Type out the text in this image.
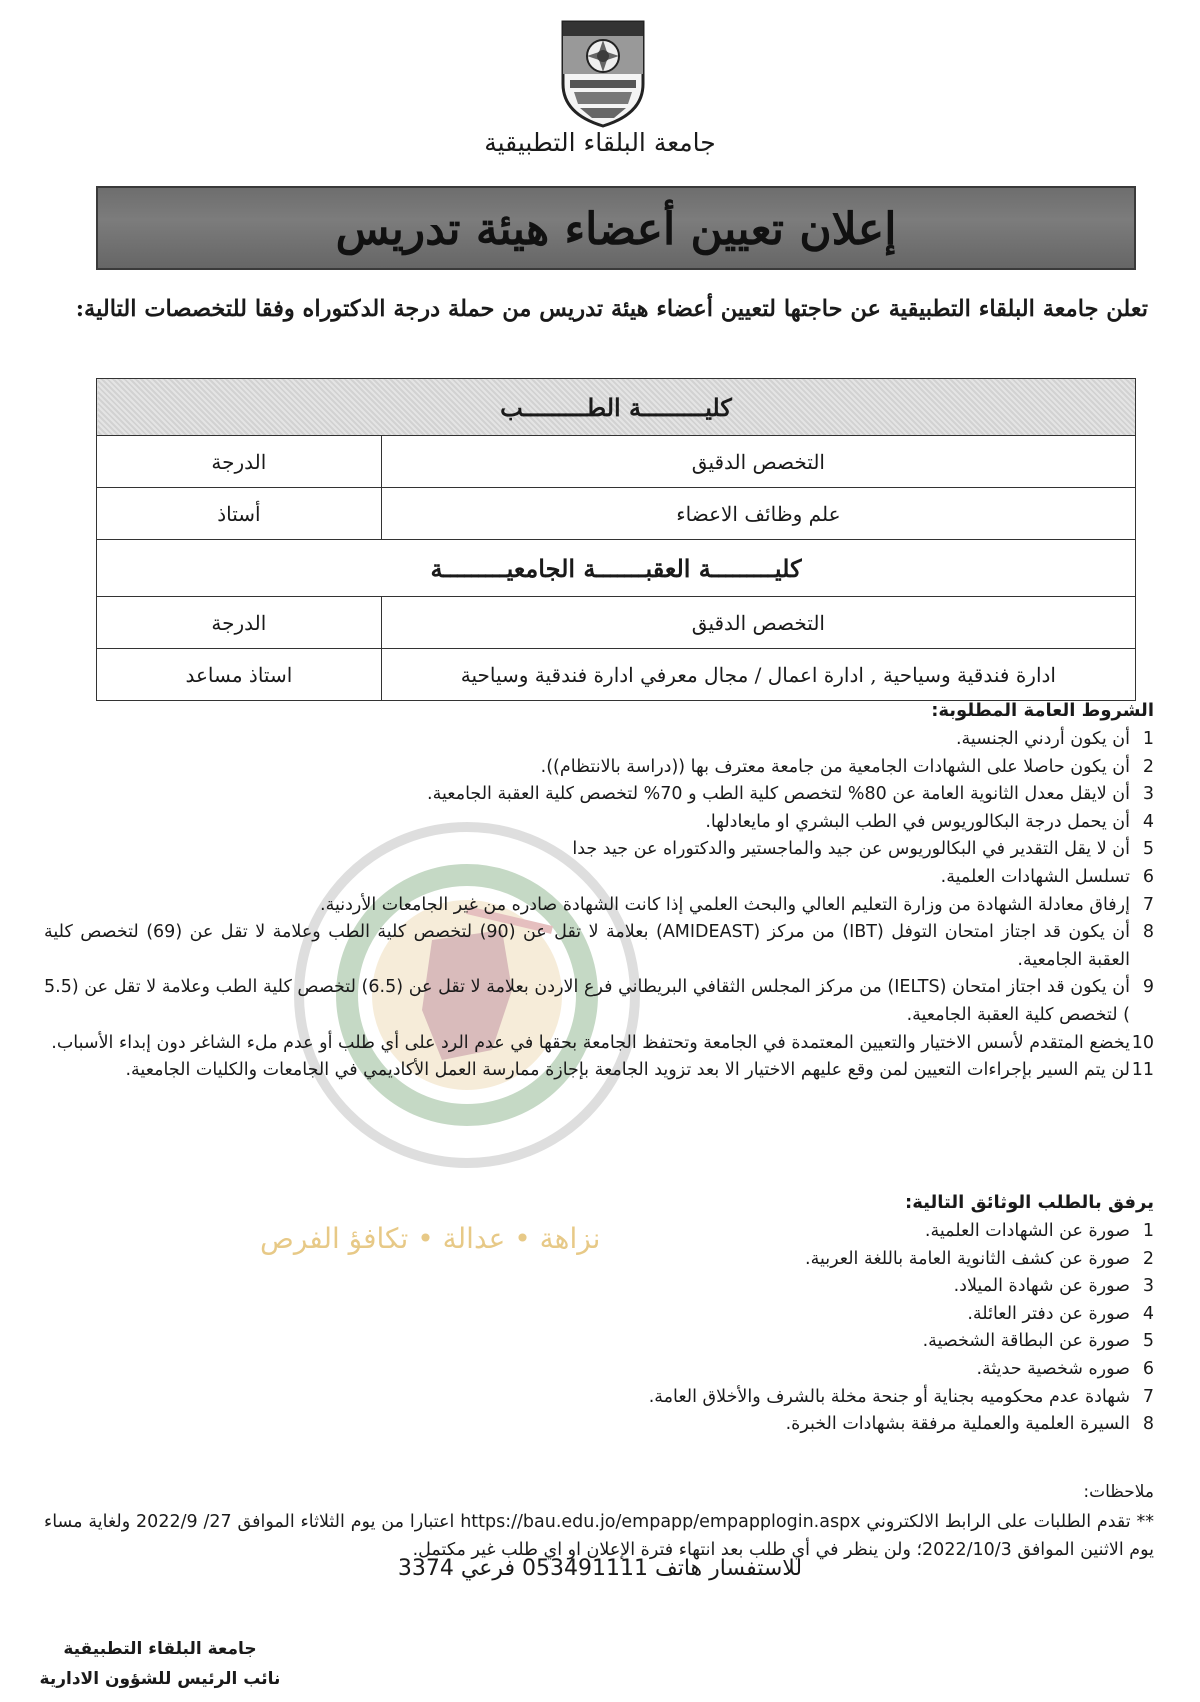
جامعة البلقاء التطبيقية
إعلان تعيين أعضاء هيئة تدريس
تعلن جامعة البلقاء التطبيقية عن حاجتها لتعيين أعضاء هيئة تدريس من حملة درجة الدكتوراه وفقا للتخصصات التالية:
كليـــــــــة الطـــــــــب	
التخصص الدقيق	الدرجة
علم وظائف الاعضاء	أستاذ
كليـــــــــة العقبـــــــة الجامعيـــــــــة	
التخصص الدقيق	الدرجة
ادارة فندقية وسياحية , ادارة اعمال / مجال معرفي ادارة فندقية وسياحية	استاذ مساعد
نزاهة • عدالة • تكافؤ الفرص
الشروط العامة المطلوبة:
1
أن يكون أردني الجنسية.
2
أن يكون حاصلا على الشهادات الجامعية من جامعة معترف بها ((دراسة بالانتظام)).
3
أن لايقل معدل الثانوية العامة عن 80% لتخصص كلية الطب و 70% لتخصص كلية العقبة الجامعية.
4
أن يحمل درجة البكالوريوس في الطب البشري او مايعادلها.
5
أن لا يقل التقدير في البكالوريوس عن جيد والماجستير والدكتوراه عن جيد جدا
6
تسلسل الشهادات العلمية.
7
إرفاق معادلة الشهادة من وزارة التعليم العالي والبحث العلمي إذا كانت الشهادة صادره من غير الجامعات الأردنية.
8
أن يكون قد اجتاز امتحان التوفل (IBT) من مركز (AMIDEAST) بعلامة لا تقل عن (90) لتخصص كلية الطب وعلامة لا تقل عن (69) لتخصص كلية العقبة الجامعية.
9
أن يكون قد اجتاز امتحان (IELTS) من مركز المجلس الثقافي البريطاني فرع الاردن بعلامة لا تقل عن (6.5) لتخصص كلية الطب وعلامة لا تقل عن (5.5 ) لتخصص كلية العقبة الجامعية.
10
يخضع المتقدم لأسس الاختيار والتعيين المعتمدة في الجامعة وتحتفظ الجامعة بحقها في عدم الرد على أي طلب أو عدم ملء الشاغر دون إبداء الأسباب.
11
لن يتم السير بإجراءات التعيين لمن وقع عليهم الاختيار الا بعد تزويد الجامعة بإجازة ممارسة العمل الأكاديمي في الجامعات والكليات الجامعية.
يرفق بالطلب الوثائق التالية:
1
صورة عن الشهادات العلمية.
2
صورة عن كشف الثانوية العامة باللغة العربية.
3
صورة عن شهادة الميلاد.
4
صورة عن دفتر العائلة.
5
صورة عن البطاقة الشخصية.
6
صوره شخصية حديثة.
7
شهادة عدم محكوميه بجناية أو جنحة مخلة بالشرف والأخلاق العامة.
8
السيرة العلمية والعملية مرفقة بشهادات الخبرة.
ملاحظات:
** تقدم الطلبات على الرابط الالكتروني https://bau.edu.jo/empapp/empapplogin.aspx اعتبارا من يوم الثلاثاء الموافق 27/ 2022/9 ولغاية مساء يوم الاثنين الموافق 2022/10/3؛ ولن ينظر في أي طلب بعد انتهاء فترة الإعلان او اي طلب غير مكتمل.
للاستفسار هاتف 053491111 فرعي 3374
جامعة البلقاء التطبيقية
نائب الرئيس للشؤون الادارية
